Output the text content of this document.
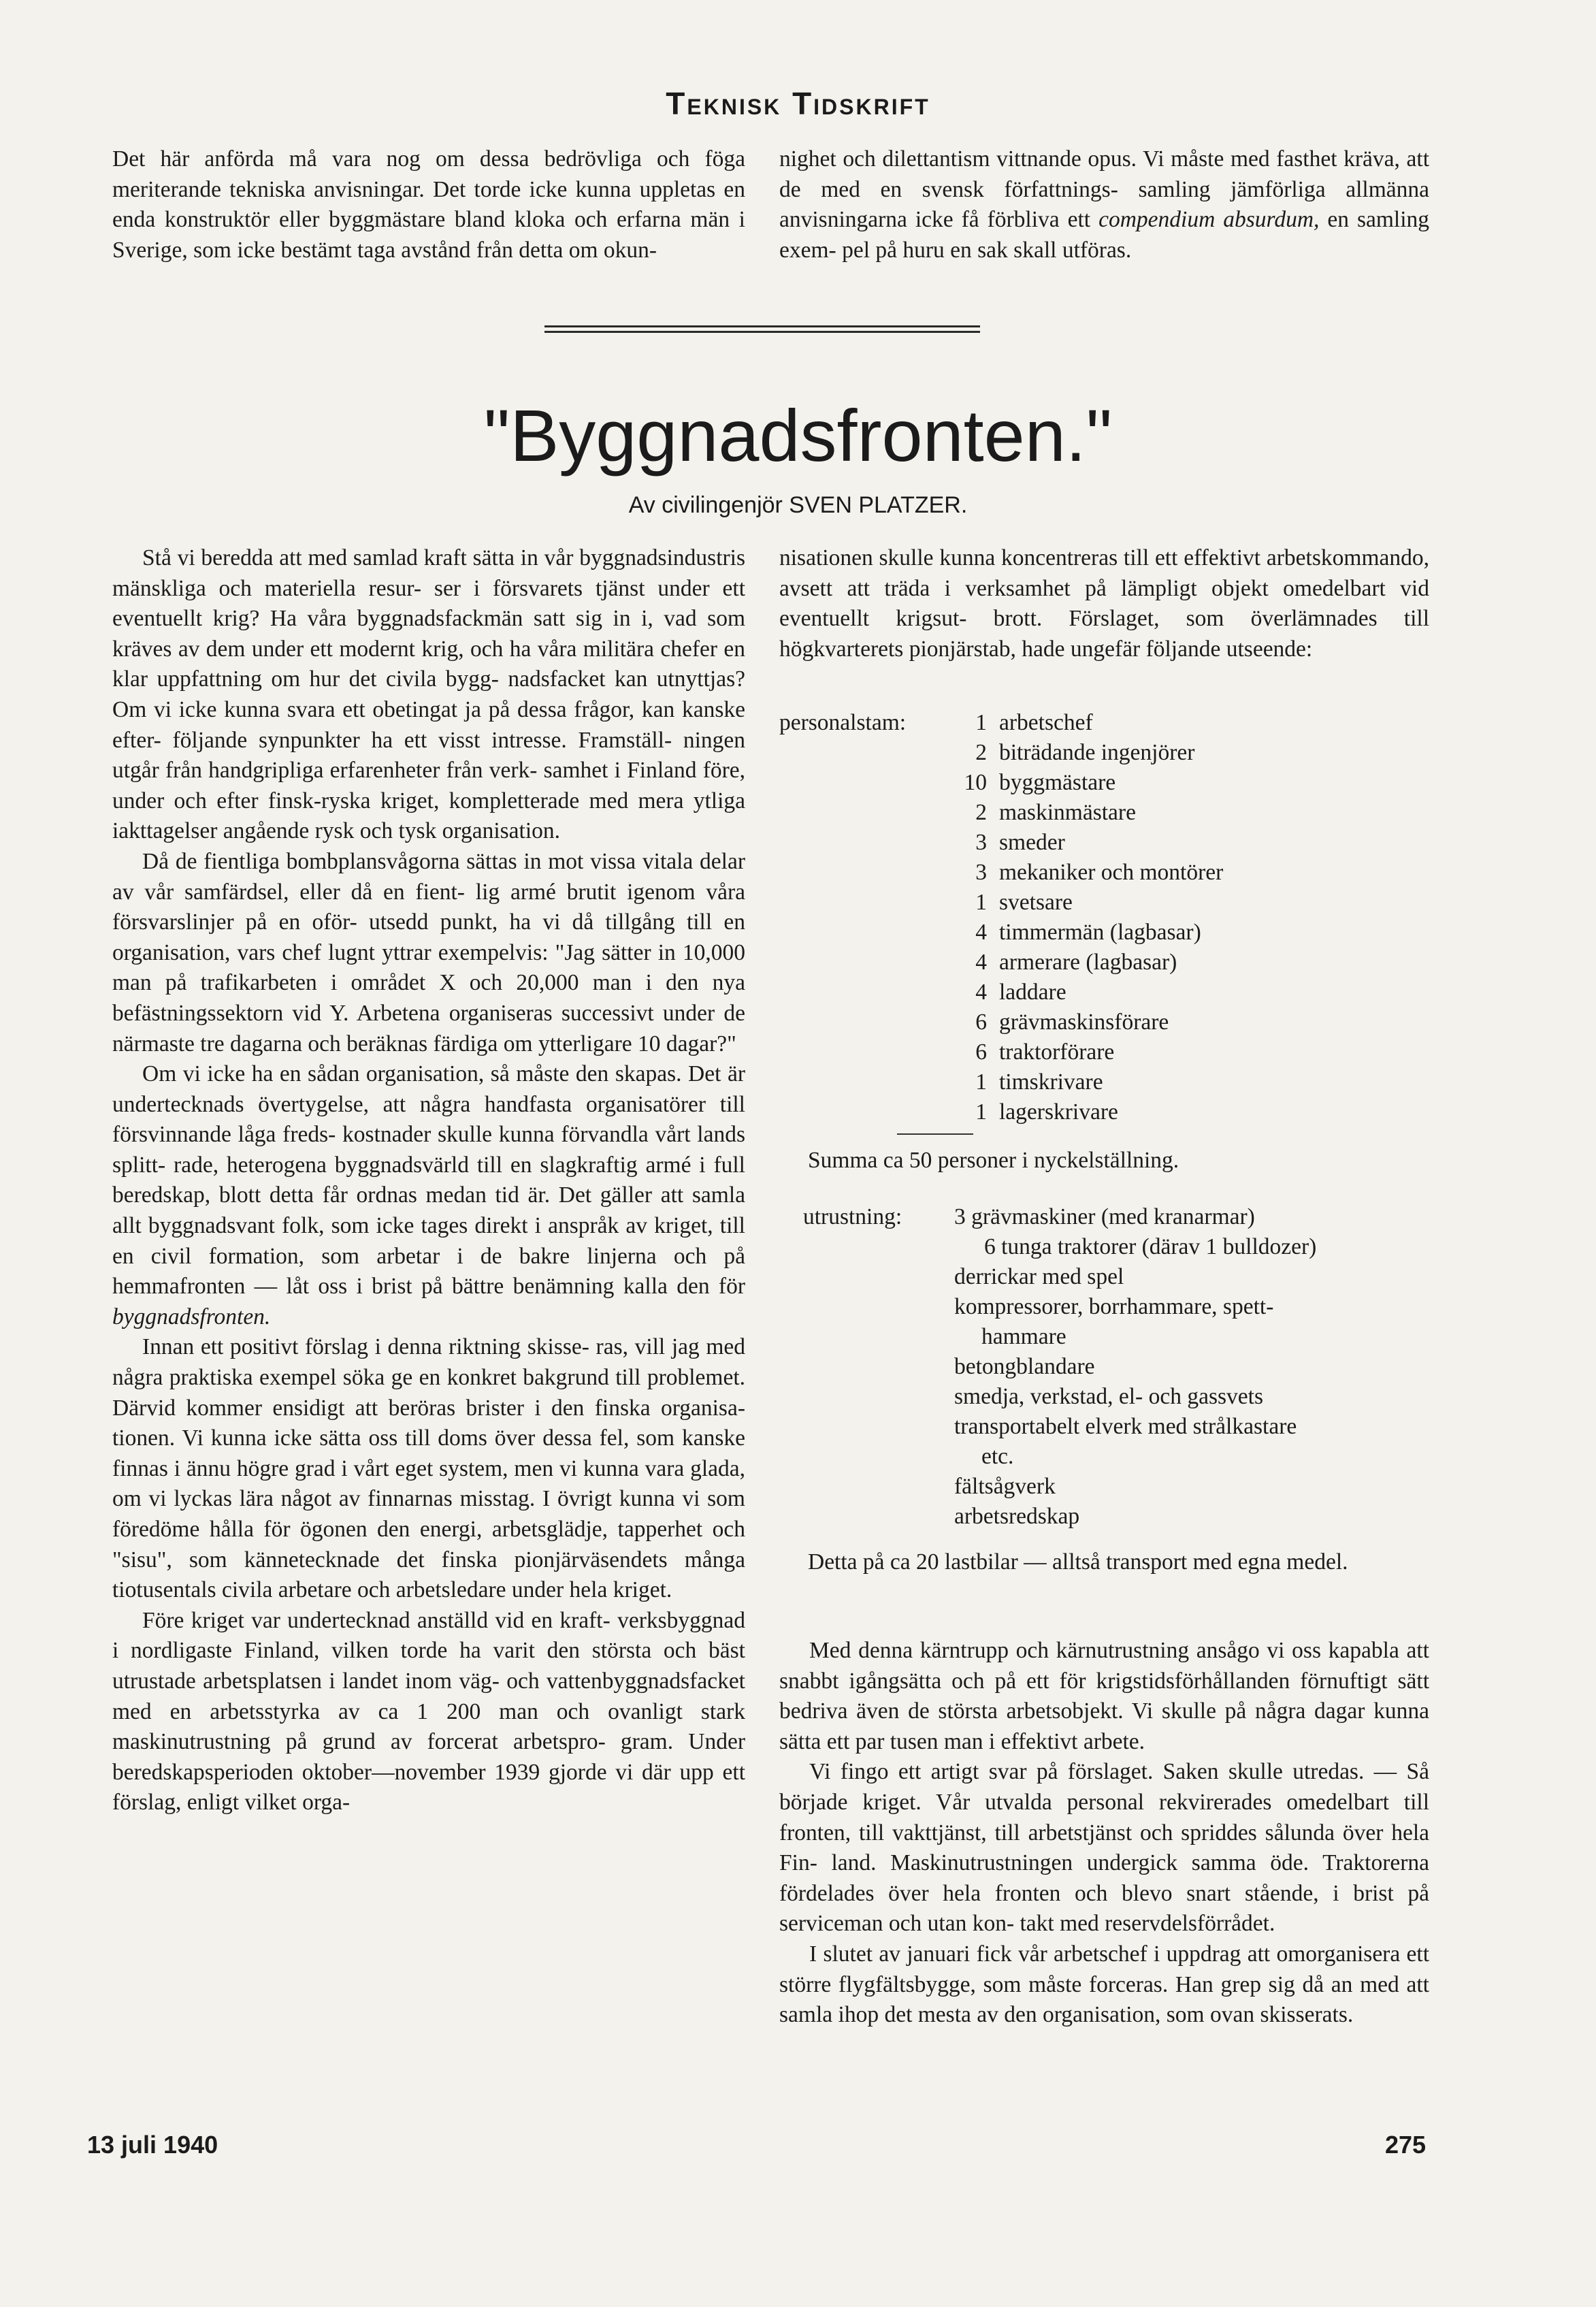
Teknisk Tidskrift

Det här anförda må vara nog om dessa bedrövliga och föga meriterande tekniska anvisningar. Det torde icke kunna uppletas en enda konstruktör eller byggmästare bland kloka och erfarna män i Sverige, som icke bestämt taga avstånd från detta om okun-

nighet och dilettantism vittnande opus. Vi måste med fasthet kräva, att de med en svensk författnings- samling jämförliga allmänna anvisningarna icke få förbliva ett compendium absurdum, en samling exem- pel på huru en sak skall utföras.

"Byggnadsfronten."
Av civilingenjör SVEN PLATZER.

Stå vi beredda att med samlad kraft sätta in vår byggnadsindustris mänskliga och materiella resur- ser i försvarets tjänst under ett eventuellt krig? Ha våra byggnadsfackmän satt sig in i, vad som kräves av dem under ett modernt krig, och ha våra militära chefer en klar uppfattning om hur det civila bygg- nadsfacket kan utnyttjas? Om vi icke kunna svara ett obetingat ja på dessa frågor, kan kanske efter- följande synpunkter ha ett visst intresse. Framställ- ningen utgår från handgripliga erfarenheter från verk- samhet i Finland före, under och efter finsk-ryska kriget, kompletterade med mera ytliga iakttagelser angående rysk och tysk organisation.

Då de fientliga bombplansvågorna sättas in mot vissa vitala delar av vår samfärdsel, eller då en fient- lig armé brutit igenom våra försvarslinjer på en oför- utsedd punkt, ha vi då tillgång till en organisation, vars chef lugnt yttrar exempelvis: "Jag sätter in 10,000 man på trafikarbeten i området X och 20,000 man i den nya befästningssektorn vid Y. Arbetena organiseras successivt under de närmaste tre dagarna och beräknas färdiga om ytterligare 10 dagar?"

Om vi icke ha en sådan organisation, så måste den skapas. Det är undertecknads övertygelse, att några handfasta organisatörer till försvinnande låga freds- kostnader skulle kunna förvandla vårt lands splitt- rade, heterogena byggnadsvärld till en slagkraftig armé i full beredskap, blott detta får ordnas medan tid är. Det gäller att samla allt byggnadsvant folk, som icke tages direkt i anspråk av kriget, till en civil formation, som arbetar i de bakre linjerna och på hemmafronten — låt oss i brist på bättre benämning kalla den för byggnadsfronten.

Innan ett positivt förslag i denna riktning skisse- ras, vill jag med några praktiska exempel söka ge en konkret bakgrund till problemet. Därvid kommer ensidigt att beröras brister i den finska organisa- tionen. Vi kunna icke sätta oss till doms över dessa fel, som kanske finnas i ännu högre grad i vårt eget system, men vi kunna vara glada, om vi lyckas lära något av finnarnas misstag. I övrigt kunna vi som föredöme hålla för ögonen den energi, arbetsglädje, tapperhet och "sisu", som kännetecknade det finska pionjärväsendets många tiotusentals civila arbetare och arbetsledare under hela kriget.

Före kriget var undertecknad anställd vid en kraft- verksbyggnad i nordligaste Finland, vilken torde ha varit den största och bäst utrustade arbetsplatsen i landet inom väg- och vattenbyggnadsfacket med en arbetsstyrka av ca 1 200 man och ovanligt stark maskinutrustning på grund av forcerat arbetspro- gram. Under beredskapsperioden oktober—november 1939 gjorde vi där upp ett förslag, enligt vilket orga-

nisationen skulle kunna koncentreras till ett effektivt arbetskommando, avsett att träda i verksamhet på lämpligt objekt omedelbart vid eventuellt krigsut- brott. Förslaget, som överlämnades till högkvarterets pionjärstab, hade ungefär följande utseende:

personalstam:	1 arbetschef
2 biträdande ingenjörer
10 byggmästare
2 maskinmästare
3 smeder
3 mekaniker och montörer
1 svetsare
4 timmermän (lagbasar)
4 armerare (lagbasar)
4 laddare
6 grävmaskinsförare
6 traktorförare
1 timskrivare
1 lagerskrivare
Summa ca 50 personer i nyckelställning.
utrustning:	3 grävmaskiner (med kranarmar)
6 tunga traktorer (därav 1 bulldozer)
derrickar med spel
kompressorer, borrhammare, spett-
hammare
betongblandare
smedja, verkstad, el- och gassvets
transportabelt elverk med strålkastare
etc.
fältsågverk
arbetsredskap

Detta på ca 20 lastbilar — alltså transport med egna medel.

Med denna kärntrupp och kärnutrustning ansågo vi oss kapabla att snabbt igångsätta och på ett för krigstidsförhållanden förnuftigt sätt bedriva även de största arbetsobjekt. Vi skulle på några dagar kunna sätta ett par tusen man i effektivt arbete.

Vi fingo ett artigt svar på förslaget. Saken skulle utredas. — Så började kriget. Vår utvalda personal rekvirerades omedelbart till fronten, till vakttjänst, till arbetstjänst och spriddes sålunda över hela Fin- land. Maskinutrustningen undergick samma öde. Traktorerna fördelades över hela fronten och blevo snart stående, i brist på serviceman och utan kon- takt med reservdelsförrådet.

I slutet av januari fick vår arbetschef i uppdrag att omorganisera ett större flygfältsbygge, som måste forceras. Han grep sig då an med att samla ihop det mesta av den organisation, som ovan skisserats.

13 juli 1940	275
